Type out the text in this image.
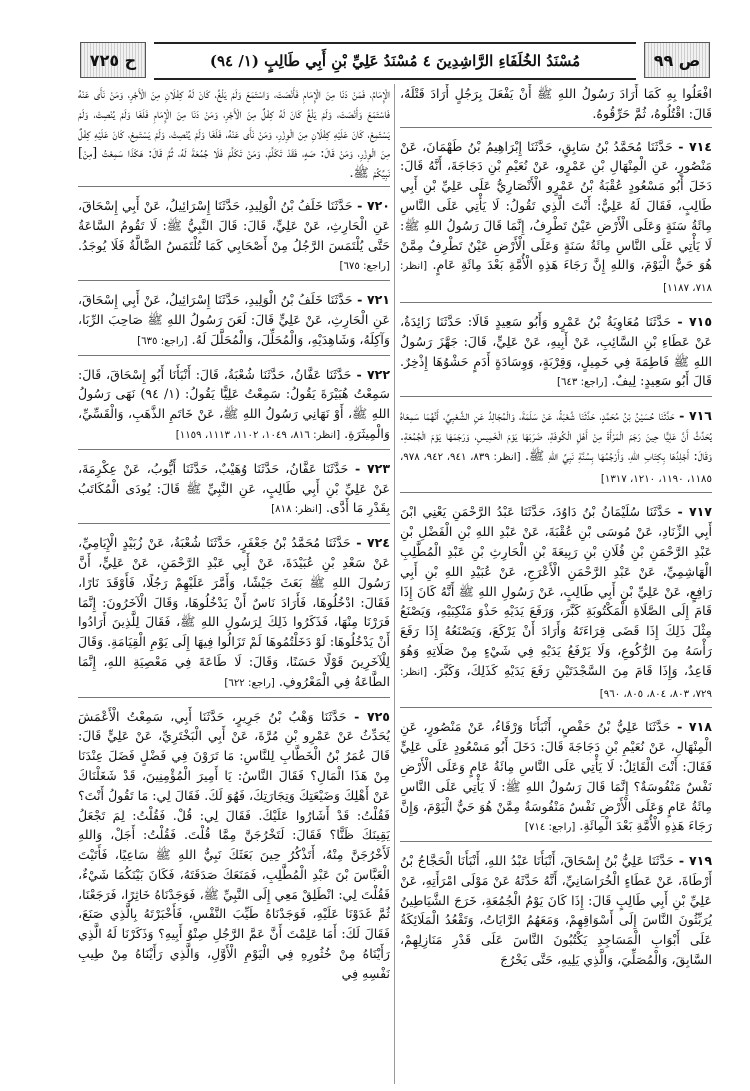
ص ٩٩
مُسْنَدُ الخُلَفَاءِ الرَّاشِدِينَ ٤ مُسْنَدُ عَلِيِّ بْنِ أَبِي طَالِبٍ (١/ ٩٤)
ح ٧٢٥

افْعَلُوا بِهِ كَمَا أَرَادَ رَسُولُ اللهِ ﷺ أَنْ يَفْعَلَ بِرَجُلٍ أَرَادَ قَتْلَهُ، قَالَ: اقْتُلُوهُ، ثُمَّ حَرِّقُوهُ.

٧١٤ - حَدَّثَنَا مُحَمَّدُ بْنُ سَابِقٍ، حَدَّثَنَا إِبْرَاهِيمُ بْنُ طَهْمَانَ، عَنْ مَنْصُورٍ، عَنِ الْمِنْهَالِ بْنِ عَمْرٍو، عَنْ نُعَيْمِ بْنِ دَجَاجَةَ، أَنَّهُ قَالَ: دَخَلَ أَبُو مَسْعُودٍ عُقْبَةُ بْنُ عَمْرٍو الْأَنْصَارِيُّ عَلَى عَلِيِّ بْنِ أَبِي طَالِبٍ، فَقَالَ لَهُ عَلِيٌّ: أَنْتَ الَّذِي تَقُولُ: لَا يَأْتِي عَلَى النَّاسِ مِائَةُ سَنَةٍ وَعَلَى الْأَرْضِ عَيْنٌ تَطْرِفُ، إِنَّمَا قَالَ رَسُولُ اللهِ ﷺ: لَا يَأْتِي عَلَى النَّاسِ مِائَةُ سَنَةٍ وَعَلَى الْأَرْضِ عَيْنٌ تَطْرِفُ مِمَّنْ هُوَ حَيٌّ الْيَوْمَ، وَاللهِ إِنَّ رَجَاءَ هَذِهِ الْأُمَّةِ بَعْدَ مِائَةِ عَامٍ. [انظر: ٧١٨، ١١٨٧]

٧١٥ - حَدَّثَنَا مُعَاوِيَةُ بْنُ عَمْرٍو وَأَبُو سَعِيدٍ قَالَا: حَدَّثَنَا زَائِدَةُ، عَنْ عَطَاءِ بْنِ السَّائِبِ، عَنْ أَبِيهِ، عَنْ عَلِيٍّ، قَالَ: جَهَّزَ رَسُولُ اللهِ ﷺ فَاطِمَةَ فِي خَمِيلٍ، وَقِرْبَةٍ، وَوِسَادَةٍ أَدَمٍ حَشْوُهَا إِذْخِرٌ. قَالَ أَبُو سَعِيدٍ: لِيفٌ. [راجع: ٦٤٣]

٧١٦ - حَدَّثَنَا حُسَيْنُ بْنُ مُحَمَّدٍ، حَدَّثَنَا شُعْبَةُ، عَنْ سَلَمَةَ، وَالْمُجَالِدُ عَنِ الشَّعْبِيِّ، أَنَّهُمَا سَمِعَاهُ يُحَدِّثُ أَنَّ عَلِيًّا حِينَ رَجَمَ الْمَرْأَةَ مِنْ أَهْلِ الْكُوفَةِ، ضَرَبَهَا يَوْمَ الْخَمِيسِ، وَرَجَمَهَا يَوْمَ الْجُمُعَةِ. وَقَالَ: أَجْلِدُهَا بِكِتَابِ اللهِ، وَأَرْجُمُهَا بِسُنَّةِ نَبِيِّ اللهِ ﷺ. [انظر: ٨٣٩، ٩٤١، ٩٤٢، ٩٧٨، ١١٨٥، ١١٩٠، ١٢١٠، ١٣١٧]

٧١٧ - حَدَّثَنَا سُلَيْمَانُ بْنُ دَاوُدَ، حَدَّثَنَا عَبْدُ الرَّحْمَنِ يَعْنِي ابْنَ أَبِي الزِّنَادِ، عَنْ مُوسَى بْنِ عُقْبَةَ، عَنْ عَبْدِ اللهِ بْنِ الْفَضْلِ بْنِ عَبْدِ الرَّحْمَنِ بْنِ فُلَانِ بْنِ رَبِيعَةَ بْنِ الْحَارِثِ بْنِ عَبْدِ الْمُطَّلِبِ الْهَاشِمِيِّ، عَنْ عَبْدِ الرَّحْمَنِ الْأَعْرَجِ، عَنْ عُبَيْدِ اللهِ بْنِ أَبِي رَافِعٍ، عَنْ عَلِيِّ بْنِ أَبِي طَالِبٍ، عَنْ رَسُولِ اللهِ ﷺ أَنَّهُ كَانَ إِذَا قَامَ إِلَى الصَّلَاةِ الْمَكْتُوبَةِ كَبَّرَ، وَرَفَعَ يَدَيْهِ حَذْوَ مَنْكِبَيْهِ، وَيَصْنَعُ مِثْلَ ذَلِكَ إِذَا قَضَى قِرَاءَتَهُ وَأَرَادَ أَنْ يَرْكَعَ، وَيَصْنَعُهُ إِذَا رَفَعَ رَأْسَهُ مِنَ الرُّكُوعِ، وَلَا يَرْفَعُ يَدَيْهِ فِي شَيْءٍ مِنْ صَلَاتِهِ وَهُوَ قَاعِدٌ، وَإِذَا قَامَ مِنَ السَّجْدَتَيْنِ رَفَعَ يَدَيْهِ كَذَلِكَ، وَكَبَّرَ. [انظر: ٧٢٩، ٨٠٣، ٨٠٤، ٨٠٥، ٩٦٠]

٧١٨ - حَدَّثَنَا عَلِيُّ بْنُ حَفْصٍ، أَنْبَأَنَا وَرْقَاءُ، عَنْ مَنْصُورٍ، عَنِ الْمِنْهَالِ، عَنْ نُعَيْمِ بْنِ دَجَاجَةَ قَالَ: دَخَلَ أَبُو مَسْعُودٍ عَلَى عَلِيٍّ فَقَالَ: أَنْتَ الْقَائِلُ: لَا يَأْتِي عَلَى النَّاسِ مِائَةُ عَامٍ وَعَلَى الْأَرْضِ نَفْسٌ مَنْفُوسَةٌ؟ إِنَّمَا قَالَ رَسُولُ اللهِ ﷺ: لَا يَأْتِي عَلَى النَّاسِ مِائَةُ عَامٍ وَعَلَى الْأَرْضِ نَفْسٌ مَنْفُوسَةٌ مِمَّنْ هُوَ حَيٌّ الْيَوْمَ، وَإِنَّ رَجَاءَ هَذِهِ الْأُمَّةِ بَعْدَ الْمِائَةِ. [راجع: ٧١٤]

٧١٩ - حَدَّثَنَا عَلِيُّ بْنُ إِسْحَاقَ، أَنْبَأَنَا عَبْدُ اللهِ، أَنْبَأَنَا الْحَجَّاجُ بْنُ أَرْطَاةَ، عَنْ عَطَاءٍ الْخُرَاسَانِيِّ، أَنَّهُ حَدَّثَهُ عَنْ مَوْلَى امْرَأَتِهِ، عَنْ عَلِيِّ بْنِ أَبِي طَالِبٍ قَالَ: إِذَا كَانَ يَوْمُ الْجُمُعَةِ، خَرَجَ الشَّيَاطِينُ يُرَبِّثُونَ النَّاسَ إِلَى أَسْوَاقِهِمْ، وَمَعَهُمُ الرَّايَاتُ، وَتَقْعُدُ الْمَلَائِكَةُ عَلَى أَبْوَابِ الْمَسَاجِدِ يَكْتُبُونَ النَّاسَ عَلَى قَدْرِ مَنَازِلِهِمْ، السَّابِقَ، وَالْمُصَلِّيَ، وَالَّذِي يَلِيهِ، حَتَّى يَخْرُجَ

الْإِمَامُ، فَمَنْ دَنَا مِنَ الْإِمَامِ فَأَنْصَتَ، وَاسْتَمَعَ وَلَمْ يَلْغُ، كَانَ لَهُ كِفْلَانِ مِنَ الْأَجْرِ، وَمَنْ نَأَى عَنْهُ فَاسْتَمَعَ وَأَنْصَتَ، وَلَمْ يَلْغُ كَانَ لَهُ كِفْلٌ مِنَ الْأَجْرِ، وَمَنْ دَنَا مِنَ الْإِمَامِ فَلَغَا وَلَمْ يُنْصِتْ، وَلَمْ يَسْتَمِعْ، كَانَ عَلَيْهِ كِفْلَانِ مِنَ الْوِزْرِ، وَمَنْ نَأَى عَنْهُ، فَلَغَا وَلَمْ يُنْصِتْ، وَلَمْ يَسْتَمِعْ، كَانَ عَلَيْهِ كِفْلٌ مِنَ الْوِزْرِ، وَمَنْ قَالَ: صَهٍ، فَقَدْ تَكَلَّمَ، وَمَنْ تَكَلَّمَ فَلَا جُمُعَةَ لَهُ، ثُمَّ قَالَ: هَكَذَا سَمِعْتُ [مِنْ] نَبِيِّكُمْ ﷺ.

٧٢٠ - حَدَّثَنَا خَلَفُ بْنُ الْوَلِيدِ، حَدَّثَنَا إِسْرَائِيلُ، عَنْ أَبِي إِسْحَاقَ، عَنِ الْحَارِثِ، عَنْ عَلِيٍّ، قَالَ: قَالَ النَّبِيُّ ﷺ: لَا تَقُومُ السَّاعَةُ حَتَّى يُلْتَمَسَ الرَّجُلُ مِنْ أَصْحَابِي كَمَا تُلْتَمَسُ الضَّالَّةُ فَلَا يُوجَدُ. [راجع: ٦٧٥]

٧٢١ - حَدَّثَنَا خَلَفُ بْنُ الْوَلِيدِ، حَدَّثَنَا إِسْرَائِيلُ، عَنْ أَبِي إِسْحَاقَ، عَنِ الْحَارِثِ، عَنْ عَلِيٍّ قَالَ: لَعَنَ رَسُولُ اللهِ ﷺ صَاحِبَ الرِّبَا، وَآكِلَهُ، وَشَاهِدَيْهِ، وَالْمُحَلِّلَ، وَالْمُحَلَّلَ لَهُ. [راجع: ٦٣٥]

٧٢٢ - حَدَّثَنَا عَفَّانُ، حَدَّثَنَا شُعْبَةُ، قَالَ: أَنْبَأَنَا أَبُو إِسْحَاقَ، قَالَ: سَمِعْتُ هُبَيْرَةَ يَقُولُ: سَمِعْتُ عَلِيًّا يَقُولُ: (١/ ٩٤) نَهَى رَسُولُ اللهِ ﷺ، أَوْ نَهَانِي رَسُولُ اللهِ ﷺ، عَنْ خَاتَمِ الذَّهَبِ، وَالْقَسِّيِّ، وَالْمِيثَرَةِ. [انظر: ٨١٦، ١٠٤٩، ١١٠٢، ١١١٣، ١١٥٩]

٧٢٣ - حَدَّثَنَا عَفَّانُ، حَدَّثَنَا وُهَيْبٌ، حَدَّثَنَا أَيُّوبُ، عَنْ عِكْرِمَةَ، عَنْ عَلِيِّ بْنِ أَبِي طَالِبٍ، عَنِ النَّبِيِّ ﷺ قَالَ: يُودَى الْمُكَاتَبُ بِقَدْرِ مَا أَدَّى. [انظر: ٨١٨]

٧٢٤ - حَدَّثَنَا مُحَمَّدُ بْنُ جَعْفَرٍ، حَدَّثَنَا شُعْبَةُ، عَنْ زُبَيْدٍ الْإِيَامِيِّ، عَنْ سَعْدِ بْنِ عُبَيْدَةَ، عَنْ أَبِي عَبْدِ الرَّحْمَنِ، عَنْ عَلِيٍّ، أَنَّ رَسُولَ اللهِ ﷺ بَعَثَ جَيْشًا، وَأَمَّرَ عَلَيْهِمْ رَجُلًا، فَأَوْقَدَ نَارًا، فَقَالَ: ادْخُلُوهَا، فَأَرَادَ نَاسٌ أَنْ يَدْخُلُوهَا، وَقَالَ الْآخَرُونَ: إِنَّمَا فَرَرْنَا مِنْهَا، فَذَكَرُوا ذَلِكَ لِرَسُولِ اللهِ ﷺ، فَقَالَ لِلَّذِينَ أَرَادُوا أَنْ يَدْخُلُوهَا: لَوْ دَخَلْتُمُوهَا لَمْ تَزَالُوا فِيهَا إِلَى يَوْمِ الْقِيَامَةِ. وَقَالَ لِلْآخَرِينَ قَوْلًا حَسَنًا، وَقَالَ: لَا طَاعَةَ فِي مَعْصِيَةِ اللهِ، إِنَّمَا الطَّاعَةُ فِي الْمَعْرُوفِ. [راجع: ٦٢٢]

٧٢٥ - حَدَّثَنَا وَهْبُ بْنُ جَرِيرٍ، حَدَّثَنَا أَبِي، سَمِعْتُ الْأَعْمَشَ يُحَدِّثُ عَنْ عَمْرِو بْنِ مُرَّةَ، عَنْ أَبِي الْبَخْتَرِيِّ، عَنْ عَلِيٍّ قَالَ: قَالَ عُمَرُ بْنُ الْخَطَّابِ لِلنَّاسِ: مَا تَرَوْنَ فِي فَضْلٍ فَضَلَ عِنْدَنَا مِنْ هَذَا الْمَالِ؟ فَقَالَ النَّاسُ: يَا أَمِيرَ الْمُؤْمِنِينَ، قَدْ شَغَلْنَاكَ عَنْ أَهْلِكَ وَضَيْعَتِكَ وَتِجَارَتِكَ، فَهُوَ لَكَ. فَقَالَ لِي: مَا تَقُولُ أَنْتَ؟ فَقُلْتُ: قَدْ أَشَارُوا عَلَيْكَ. فَقَالَ لِي: قُلْ. فَقُلْتُ: لِمَ تَجْعَلُ يَقِينَكَ ظَنًّا؟ فَقَالَ: لَتَخْرُجَنَّ مِمَّا قُلْتَ. فَقُلْتُ: أَجَلْ، وَاللهِ لَأَخْرُجَنَّ مِنْهُ، أَتَذْكُرُ حِينَ بَعَثَكَ نَبِيُّ اللهِ ﷺ سَاعِيًا، فَأَتَيْتَ الْعَبَّاسَ بْنَ عَبْدِ الْمُطَّلِبِ، فَمَنَعَكَ صَدَقَتَهُ، فَكَانَ بَيْنَكُمَا شَيْءٌ، فَقُلْتَ لِي: انْطَلِقْ مَعِي إِلَى النَّبِيِّ ﷺ، فَوَجَدْنَاهُ خَاثِرًا، فَرَجَعْنَا، ثُمَّ غَدَوْنَا عَلَيْهِ، فَوَجَدْنَاهُ طَيِّبَ النَّفْسِ، فَأَخْبَرْتَهُ بِالَّذِي صَنَعَ، فَقَالَ لَكَ: أَمَا عَلِمْتَ أَنَّ عَمَّ الرَّجُلِ صِنْوُ أَبِيهِ؟ وَذَكَرْنَا لَهُ الَّذِي رَأَيْنَاهُ مِنْ خُثُورِهِ فِي الْيَوْمِ الْأَوَّلِ، وَالَّذِي رَأَيْنَاهُ مِنْ طِيبِ نَفْسِهِ فِي
